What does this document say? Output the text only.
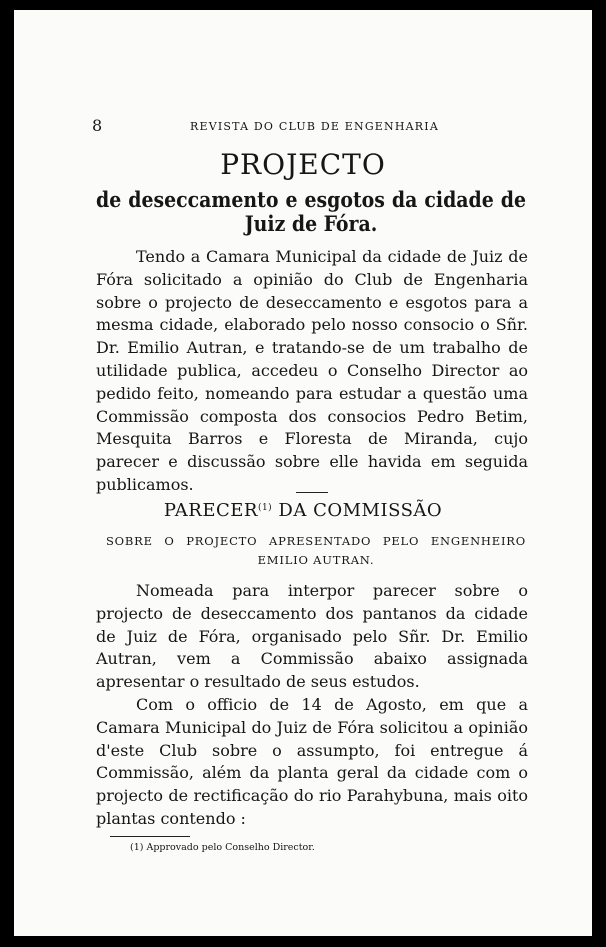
8	REVISTA DO CLUB DE ENGENHARIA
PROJECTO
de deseccamento e esgotos da cidade de Juiz de Fóra.

Tendo a Camara Municipal da cidade de Juiz de Fóra solicitado a opinião do Club de Engenharia sobre o projecto de deseccamento e esgotos para a mesma cidade, elaborado pelo nosso consocio o Sñr. Dr. Emilio Autran, e tratando-se de um trabalho de utilidade publica, accedeu o Conselho Director ao pedido feito, nomeando para estudar a questão uma Commissão composta dos consocios Pedro Betim, Mesquita Barros e Floresta de Miranda, cujo parecer e discussão sobre elle havida em seguida publicamos.

PARECER$^{(1)}$ DA COMMISSÃO
SOBRE O PROJECTO APRESENTADO PELO ENGENHEIRO EMILIO AUTRAN.

Nomeada para interpor parecer sobre o projecto de deseccamento dos pantanos da cidade de Juiz de Fóra, organisado pelo Sñr. Dr. Emilio Autran, vem a Commissão abaixo assignada apresentar o resultado de seus estudos.

Com o officio de 14 de Agosto, em que a Camara Municipal do Juiz de Fóra solicitou a opinião d'este Club sobre o assumpto, foi entregue á Commissão, além da planta geral da cidade com o projecto de rectificação do rio Parahybuna, mais oito plantas contendo :

(1) Approvado pelo Conselho Director.
